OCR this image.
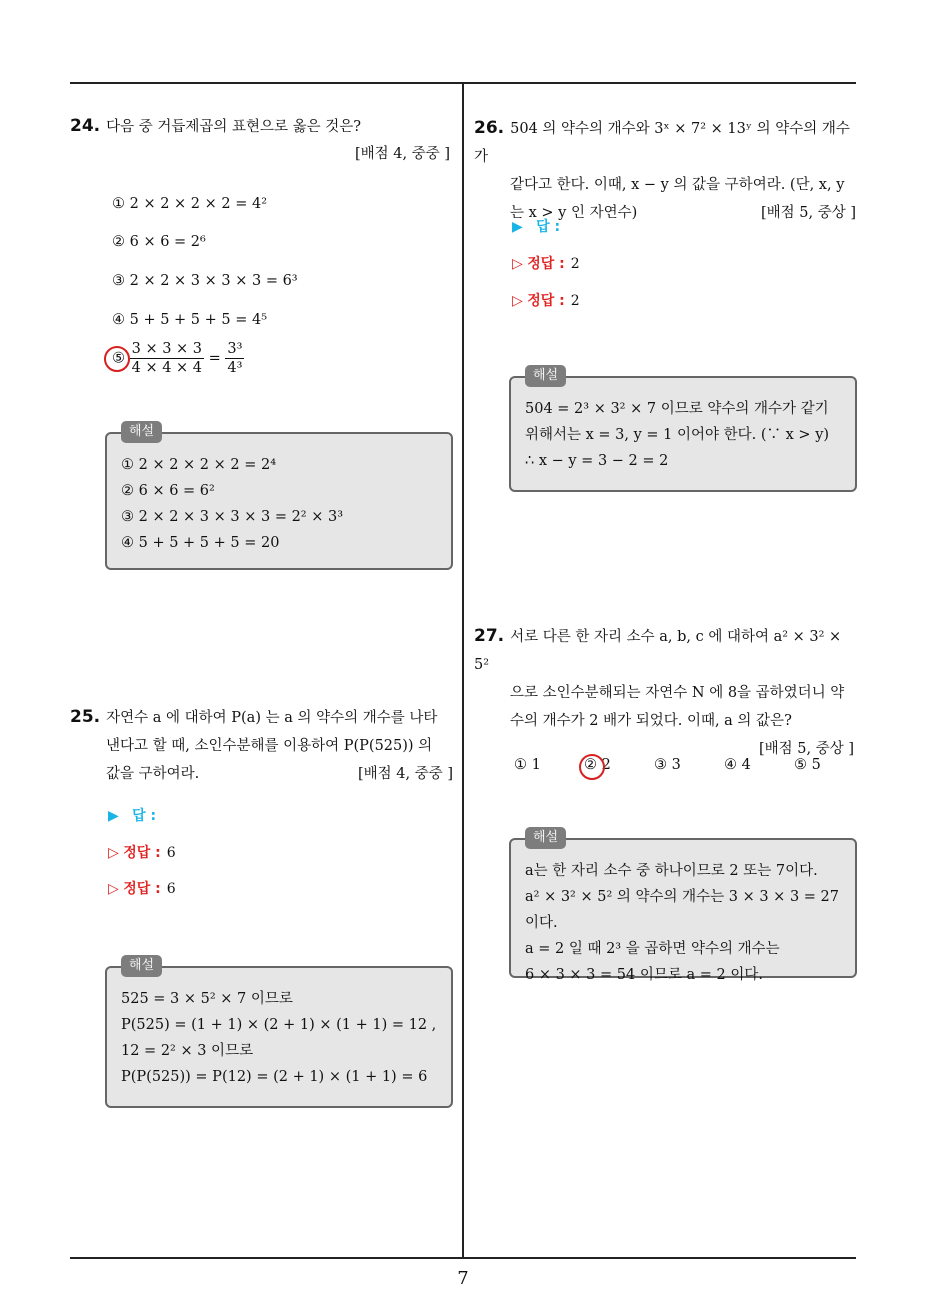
24. 다음 중 거듭제곱의 표현으로 옳은 것은?
[배점 4, 중중 ]
① 2 × 2 × 2 × 2 = 4²
② 6 × 6 = 2⁶
③ 2 × 2 × 3 × 3 × 3 = 6³
④ 5 + 5 + 5 + 5 = 4⁵
⑤ $\frac{3 \times 3 \times 3}{4 \times 4 \times 4} = \frac{\text{3³}}{\text{4³}}$
해설
① 2 × 2 × 2 × 2 = 2⁴
② 6 × 6 = 6²
③ 2 × 2 × 3 × 3 × 3 = 2² × 3³
④ 5 + 5 + 5 + 5 = 20
25. 자연수 a 에 대하여 P(a) 는 a 의 약수의 개수를 나타
낸다고 할 때, 소인수분해를 이용하여 P(P(525)) 의
값을 구하여라.	[배점 4, 중중 ]
▶ 답 :
▷ 정답 : 6
▷ 정답 : 6
해설
525 = 3 × 5² × 7 이므로
P(525) = (1 + 1) × (2 + 1) × (1 + 1) = 12 ,
12 = 2² × 3 이므로
P(P(525)) = P(12) = (2 + 1) × (1 + 1) = 6
26. 504 의 약수의 개수와 3ˣ × 7² × 13ʸ 의 약수의 개수가
같다고 한다. 이때, x − y 의 값을 구하여라. (단, x, y
는 x > y 인 자연수)	[배점 5, 중상 ]
▶ 답 :
▷ 정답 : 2
▷ 정답 : 2
해설
504 = 2³ × 3² × 7 이므로 약수의 개수가 같기
위해서는 x = 3, y = 1 이어야 한다. (∵ x > y)
∴ x − y = 3 − 2 = 2
27. 서로 다른 한 자리 소수 a, b, c 에 대하여 a² × 3² × 5²
으로 소인수분해되는 자연수 N 에 8을 곱하였더니 약
수의 개수가 2 배가 되었다. 이때, a 의 값은?
[배점 5, 중상 ]
① 1	② 2	③ 3	④ 4	⑤ 5
해설
a는 한 자리 소수 중 하나이므로 2 또는 7이다.
a² × 3² × 5² 의 약수의 개수는 3 × 3 × 3 = 27 이다.
a = 2 일 때 2³ 을 곱하면 약수의 개수는
6 × 3 × 3 = 54 이므로 a = 2 이다.
7
